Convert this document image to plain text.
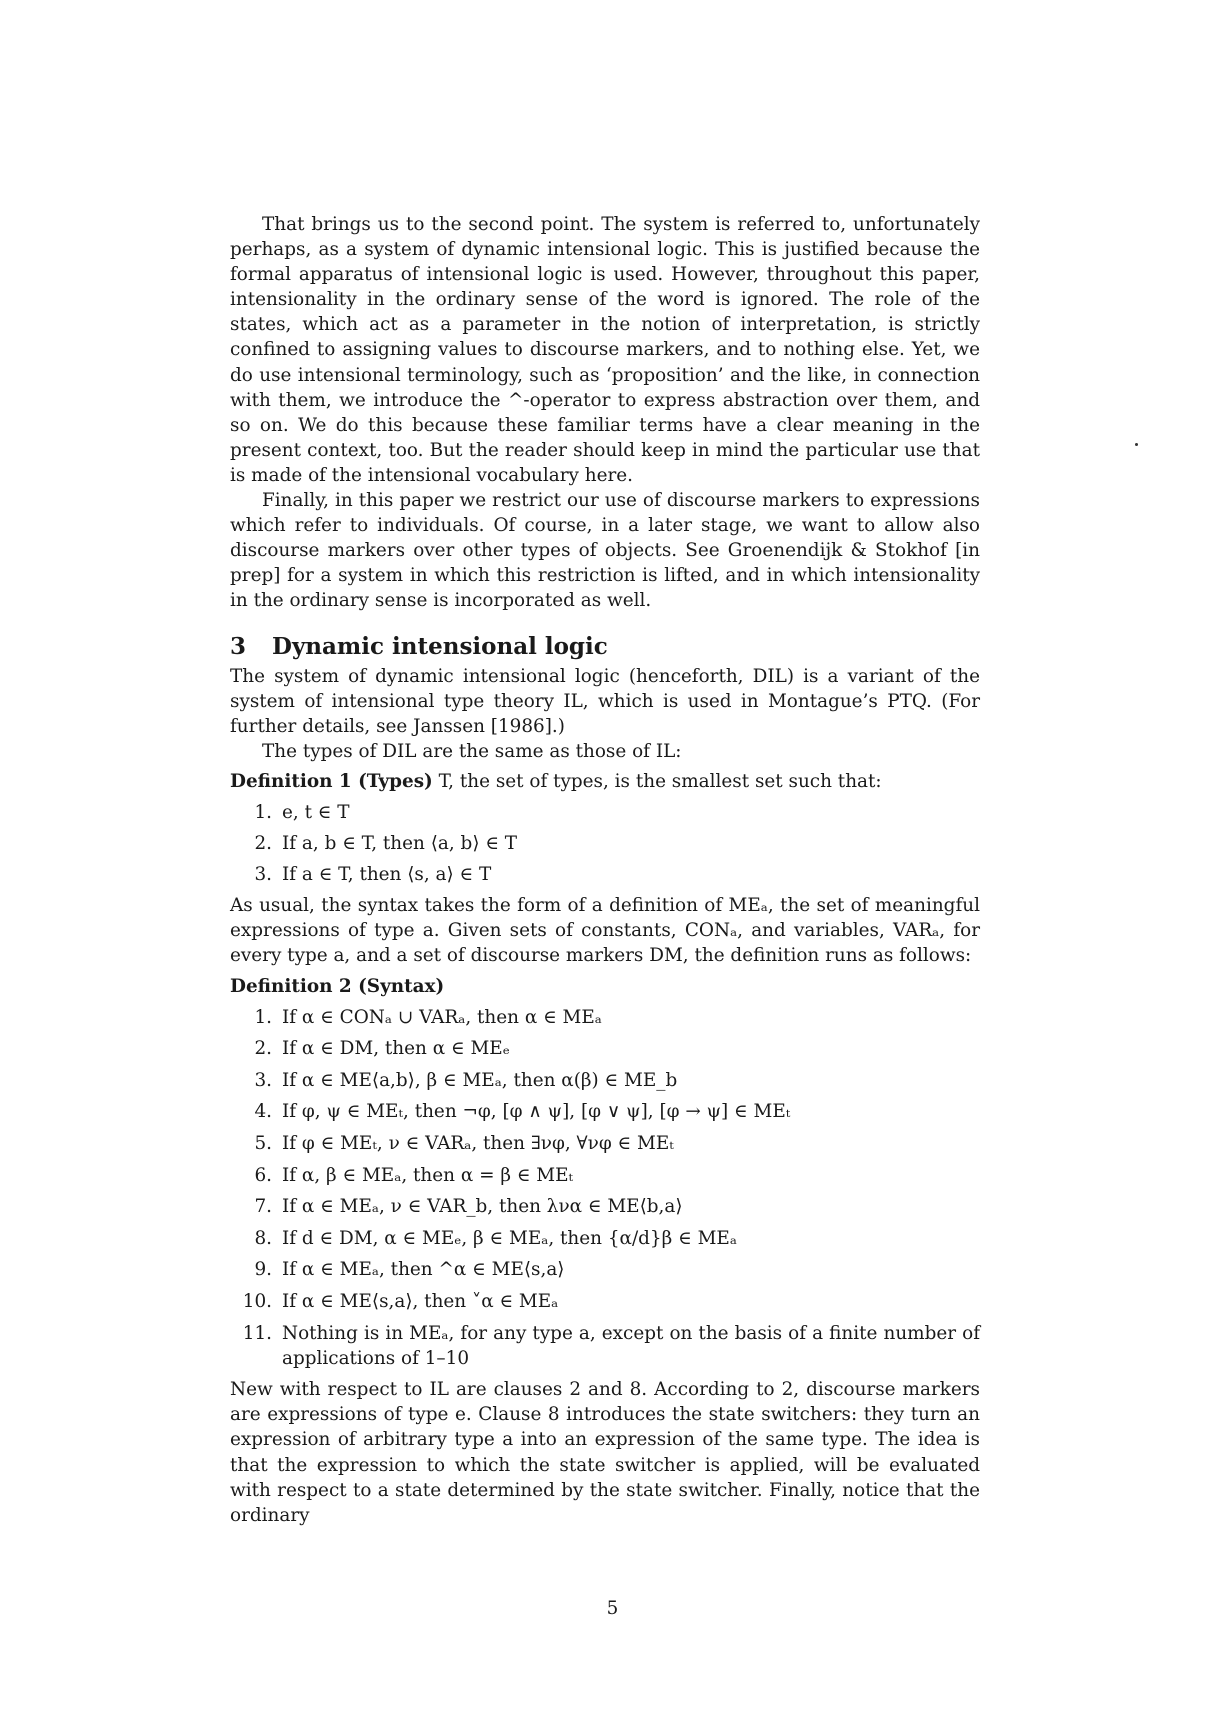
That brings us to the second point. The system is referred to, unfortunately perhaps, as a system of dynamic intensional logic. This is justified because the formal apparatus of intensional logic is used. However, throughout this paper, intensionality in the ordinary sense of the word is ignored. The role of the states, which act as a parameter in the notion of interpretation, is strictly confined to assigning values to discourse markers, and to nothing else. Yet, we do use intensional terminology, such as ‘proposition’ and the like, in connection with them, we introduce the ^-operator to express abstraction over them, and so on. We do this because these familiar terms have a clear meaning in the present context, too. But the reader should keep in mind the particular use that is made of the intensional vocabulary here.

Finally, in this paper we restrict our use of discourse markers to expressions which refer to individuals. Of course, in a later stage, we want to allow also discourse markers over other types of objects. See Groenendijk & Stokhof [in prep] for a system in which this restriction is lifted, and in which intensionality in the ordinary sense is incorporated as well.

3 Dynamic intensional logic

The system of dynamic intensional logic (henceforth, DIL) is a variant of the system of intensional type theory IL, which is used in Montague’s PTQ. (For further details, see Janssen [1986].)

The types of DIL are the same as those of IL:

Definition 1 (Types) T, the set of types, is the smallest set such that:

1. e, t ∈ T
2. If a, b ∈ T, then ⟨a, b⟩ ∈ T
3. If a ∈ T, then ⟨s, a⟩ ∈ T

As usual, the syntax takes the form of a definition of MEₐ, the set of meaningful expressions of type a. Given sets of constants, CONₐ, and variables, VARₐ, for every type a, and a set of discourse markers DM, the definition runs as follows:

Definition 2 (Syntax)

1. If α ∈ CONₐ ∪ VARₐ, then α ∈ MEₐ
2. If α ∈ DM, then α ∈ MEₑ
3. If α ∈ ME⟨a,b⟩, β ∈ MEₐ, then α(β) ∈ ME_b
4. If φ, ψ ∈ MEₜ, then ¬φ, [φ ∧ ψ], [φ ∨ ψ], [φ → ψ] ∈ MEₜ
5. If φ ∈ MEₜ, ν ∈ VARₐ, then ∃νφ, ∀νφ ∈ MEₜ
6. If α, β ∈ MEₐ, then α = β ∈ MEₜ
7. If α ∈ MEₐ, ν ∈ VAR_b, then λνα ∈ ME⟨b,a⟩
8. If d ∈ DM, α ∈ MEₑ, β ∈ MEₐ, then {α/d}β ∈ MEₐ
9. If α ∈ MEₐ, then ^α ∈ ME⟨s,a⟩
10. If α ∈ ME⟨s,a⟩, then ˅α ∈ MEₐ
11. Nothing is in MEₐ, for any type a, except on the basis of a finite number of applications of 1–10

New with respect to IL are clauses 2 and 8. According to 2, discourse markers are expressions of type e. Clause 8 introduces the state switchers: they turn an expression of arbitrary type a into an expression of the same type. The idea is that the expression to which the state switcher is applied, will be evaluated with respect to a state determined by the state switcher. Finally, notice that the ordinary

5
